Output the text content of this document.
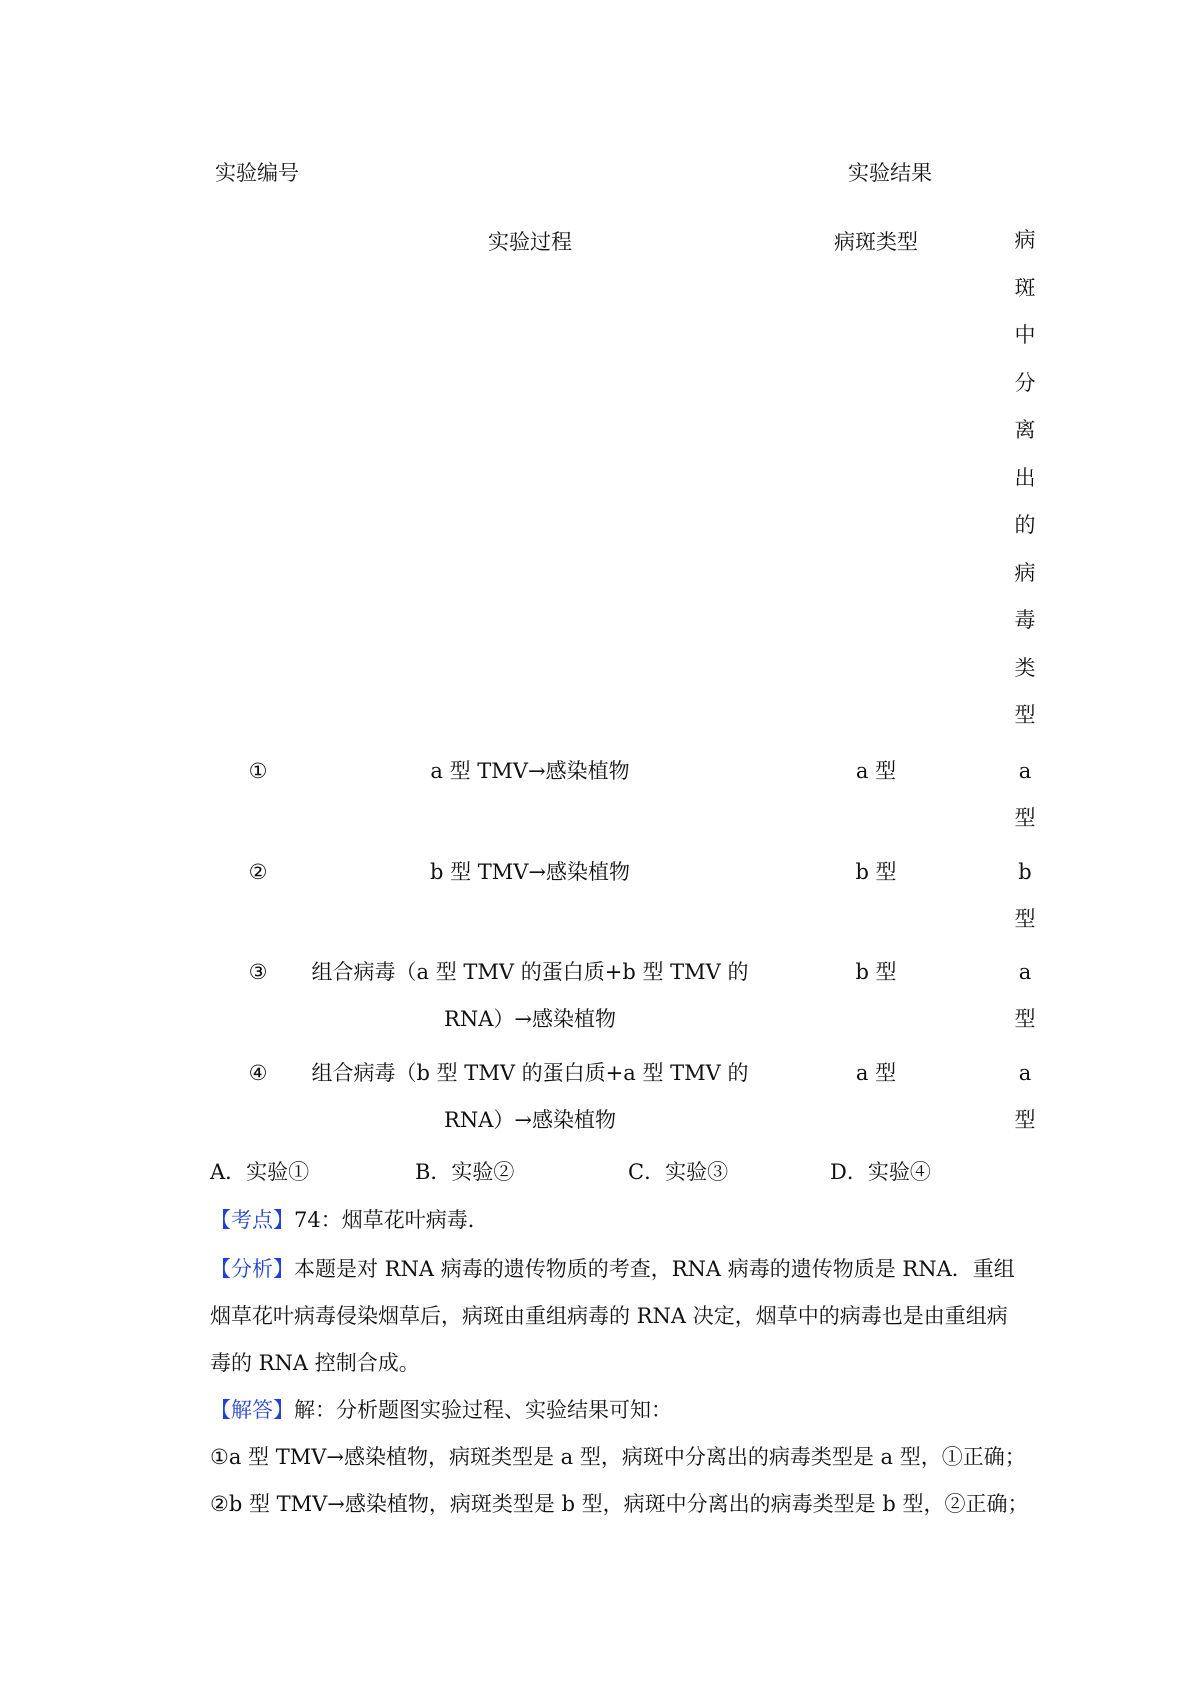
实验编号	实验结果
实验过程	病斑类型	病
斑
中
分
离
出
的
病
毒
类
型
①	a 型 TMV→感染植物	a 型	a
型
②	b 型 TMV→感染植物	b 型	b
型
③ 组合病毒（a 型 TMV 的蛋白质+b 型 TMV 的
RNA）→感染植物
b 型	a
型
④ 组合病毒（b 型 TMV 的蛋白质+a 型 TMV 的
RNA）→感染植物
a 型	a
型
A．实验①	B．实验②	C．实验③	D．实验④
【考点】74：烟草花叶病毒．
【分析】本题是对 RNA 病毒的遗传物质的考查，RNA 病毒的遗传物质是 RNA．重组烟草花叶病毒侵染烟草后，病斑由重组病毒的 RNA 决定，烟草中的病毒也是由重组病毒的 RNA 控制合成。
【解答】解：分析题图实验过程、实验结果可知：
①a 型 TMV→感染植物，病斑类型是 a 型，病斑中分离出的病毒类型是 a 型，①正确；
②b 型 TMV→感染植物，病斑类型是 b 型，病斑中分离出的病毒类型是 b 型，②正确；
